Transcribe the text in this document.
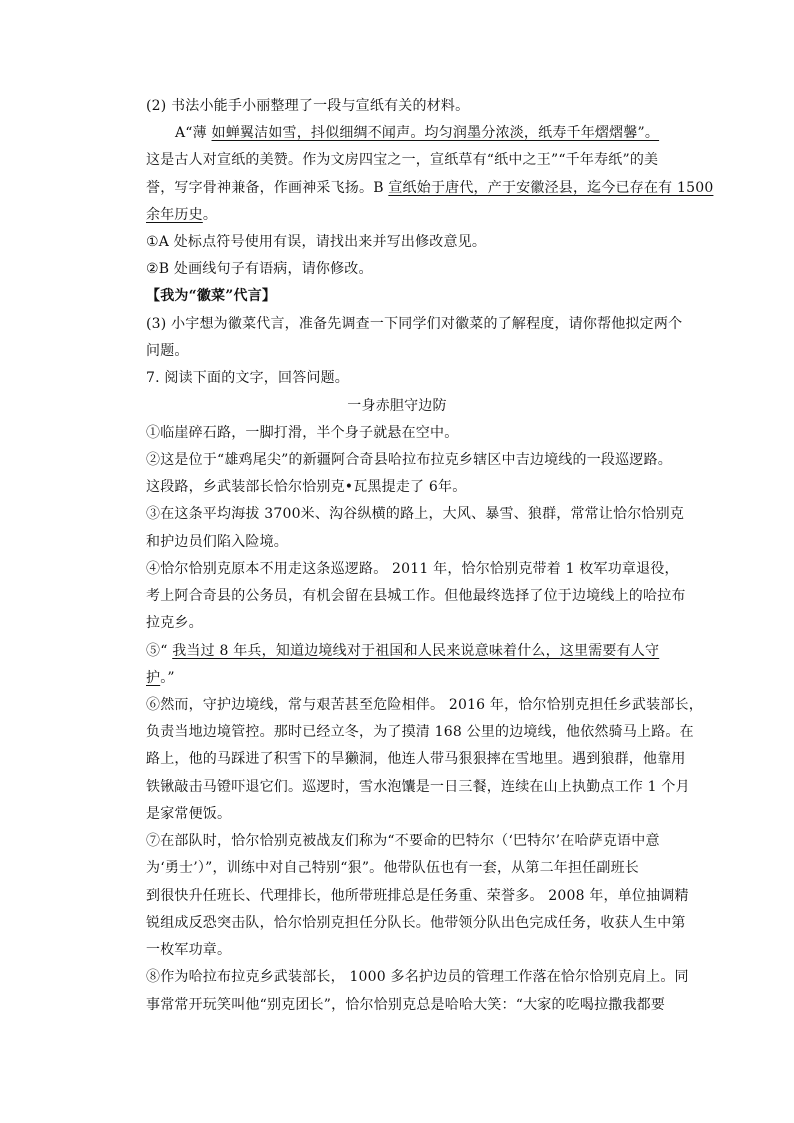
(2) 书法小能手小丽整理了一段与宣纸有关的材料。
A“薄 如蝉翼洁如雪，抖似细绸不闻声。均匀润墨分浓淡，纸寿千年熠熠馨”。
这是古人对宣纸的美赞。作为文房四宝之一，宣纸草有“纸中之王”“千年寿纸”的美
誉，写字骨神兼备，作画神采飞扬。B 宣纸始于唐代，产于安徽泾县，迄今已存在有 1500
余年历史。
①A 处标点符号使用有误，请找出来并写出修改意见。
②B 处画线句子有语病，请你修改。
【我为“徽菜”代言】
(3) 小宇想为徽菜代言，准备先调查一下同学们对徽菜的了解程度，请你帮他拟定两个
问题。
7. 阅读下面的文字，回答问题。
一身赤胆守边防
①临崖碎石路，一脚打滑，半个身子就悬在空中。
②这是位于“雄鸡尾尖”的新疆阿合奇县哈拉布拉克乡辖区中吉边境线的一段巡逻路。
这段路，乡武装部长恰尔恰别克•瓦黑提走了 6年。
③在这条平均海拔 3700米、沟谷纵横的路上，大风、暴雪、狼群，常常让恰尔恰别克
和护边员们陷入险境。
④恰尔恰别克原本不用走这条巡逻路。 2011 年，恰尔恰别克带着 1 枚军功章退役，
考上阿合奇县的公务员，有机会留在县城工作。但他最终选择了位于边境线上的哈拉布
拉克乡。
⑤“ 我当过 8 年兵，知道边境线对于祖国和人民来说意味着什么，这里需要有人守
护。”
⑥然而，守护边境线，常与艰苦甚至危险相伴。 2016 年，恰尔恰别克担任乡武装部长，
负责当地边境管控。那时已经立冬，为了摸清 168 公里的边境线，他依然骑马上路。在
路上，他的马踩进了积雪下的旱獭洞，他连人带马狠狠摔在雪地里。遇到狼群，他靠用
铁锹敲击马镫吓退它们。巡逻时，雪水泡馕是一日三餐，连续在山上执勤点工作 1 个月
是家常便饭。
⑦在部队时，恰尔恰别克被战友们称为“不要命的巴特尔（‘巴特尔’在哈萨克语中意
为‘勇士’）”，训练中对自己特别“狠”。他带队伍也有一套，从第二年担任副班长
到很快升任班长、代理排长，他所带班排总是任务重、荣誉多。 2008 年，单位抽调精
锐组成反恐突击队，恰尔恰别克担任分队长。他带领分队出色完成任务，收获人生中第
一枚军功章。
⑧作为哈拉布拉克乡武装部长， 1000 多名护边员的管理工作落在恰尔恰别克肩上。同
事常常开玩笑叫他“别克团长”，恰尔恰别克总是哈哈大笑：“大家的吃喝拉撒我都要
